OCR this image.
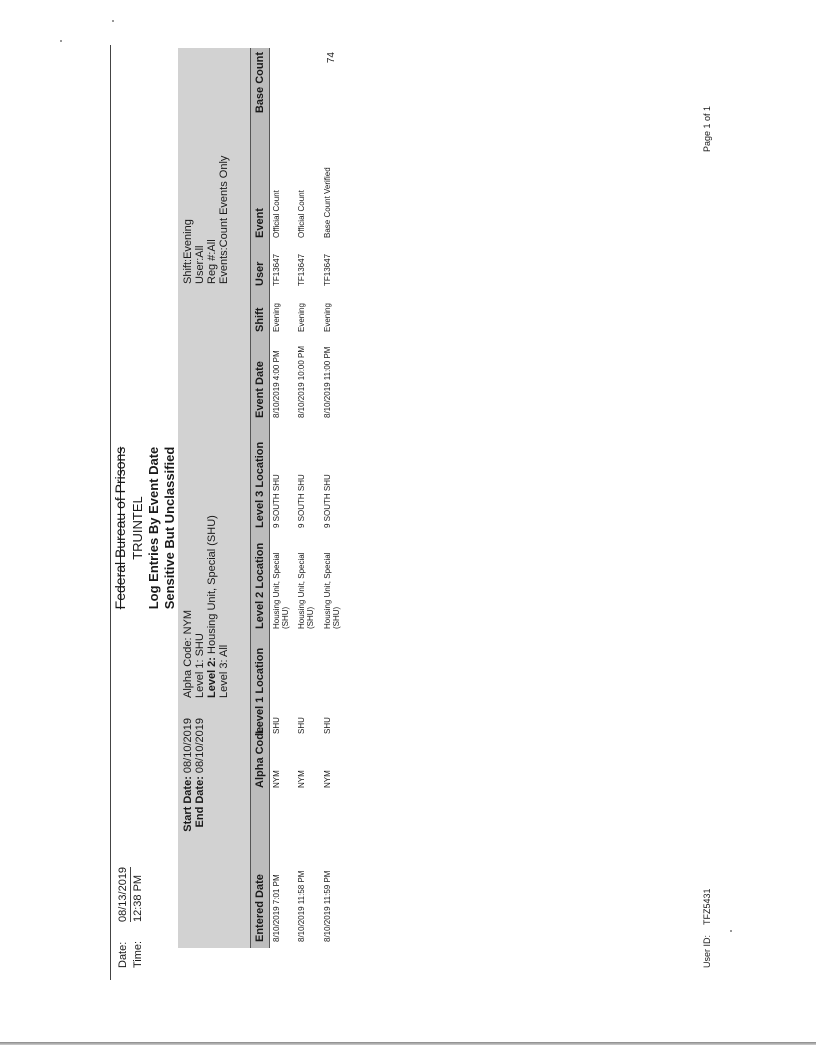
Date:
08/13/2019
Time:
12:38 PM
Federal Bureau of Prisons TRUINTEL Log Entries By Event Date Sensitive But Unclassified
Start Date: 08/10/2019
End Date: 08/10/2019
Alpha Code: NYM Level 1: SHU Level 2: Housing Unit, Special (SHU)
Level 3: All
Shift:Evening User:All Reg #:All Events:Count Events Only
Entered Date
Alpha Code
Level 1 Location
Level 2 Location
Level 3 Location
Event Date
Shift
User
Event
Base Count
8/10/2019 7:01 PM
NYM
SHU
Housing Unit, Special (SHU)
9 SOUTH SHU
8/10/2019 4:00 PM
Evening
TF13647
Official Count
8/10/2019 11:58 PM
NYM
SHU
Housing Unit, Special (SHU)
9 SOUTH SHU
8/10/2019 10:00 PM
Evening
TF13647
Official Count
8/10/2019 11:59 PM
NYM
SHU
Housing Unit, Special (SHU)
9 SOUTH SHU
8/10/2019 11:00 PM
Evening
TF13647
Base Count Verified
74
User ID:TFZ5431
Page 1 of 1
